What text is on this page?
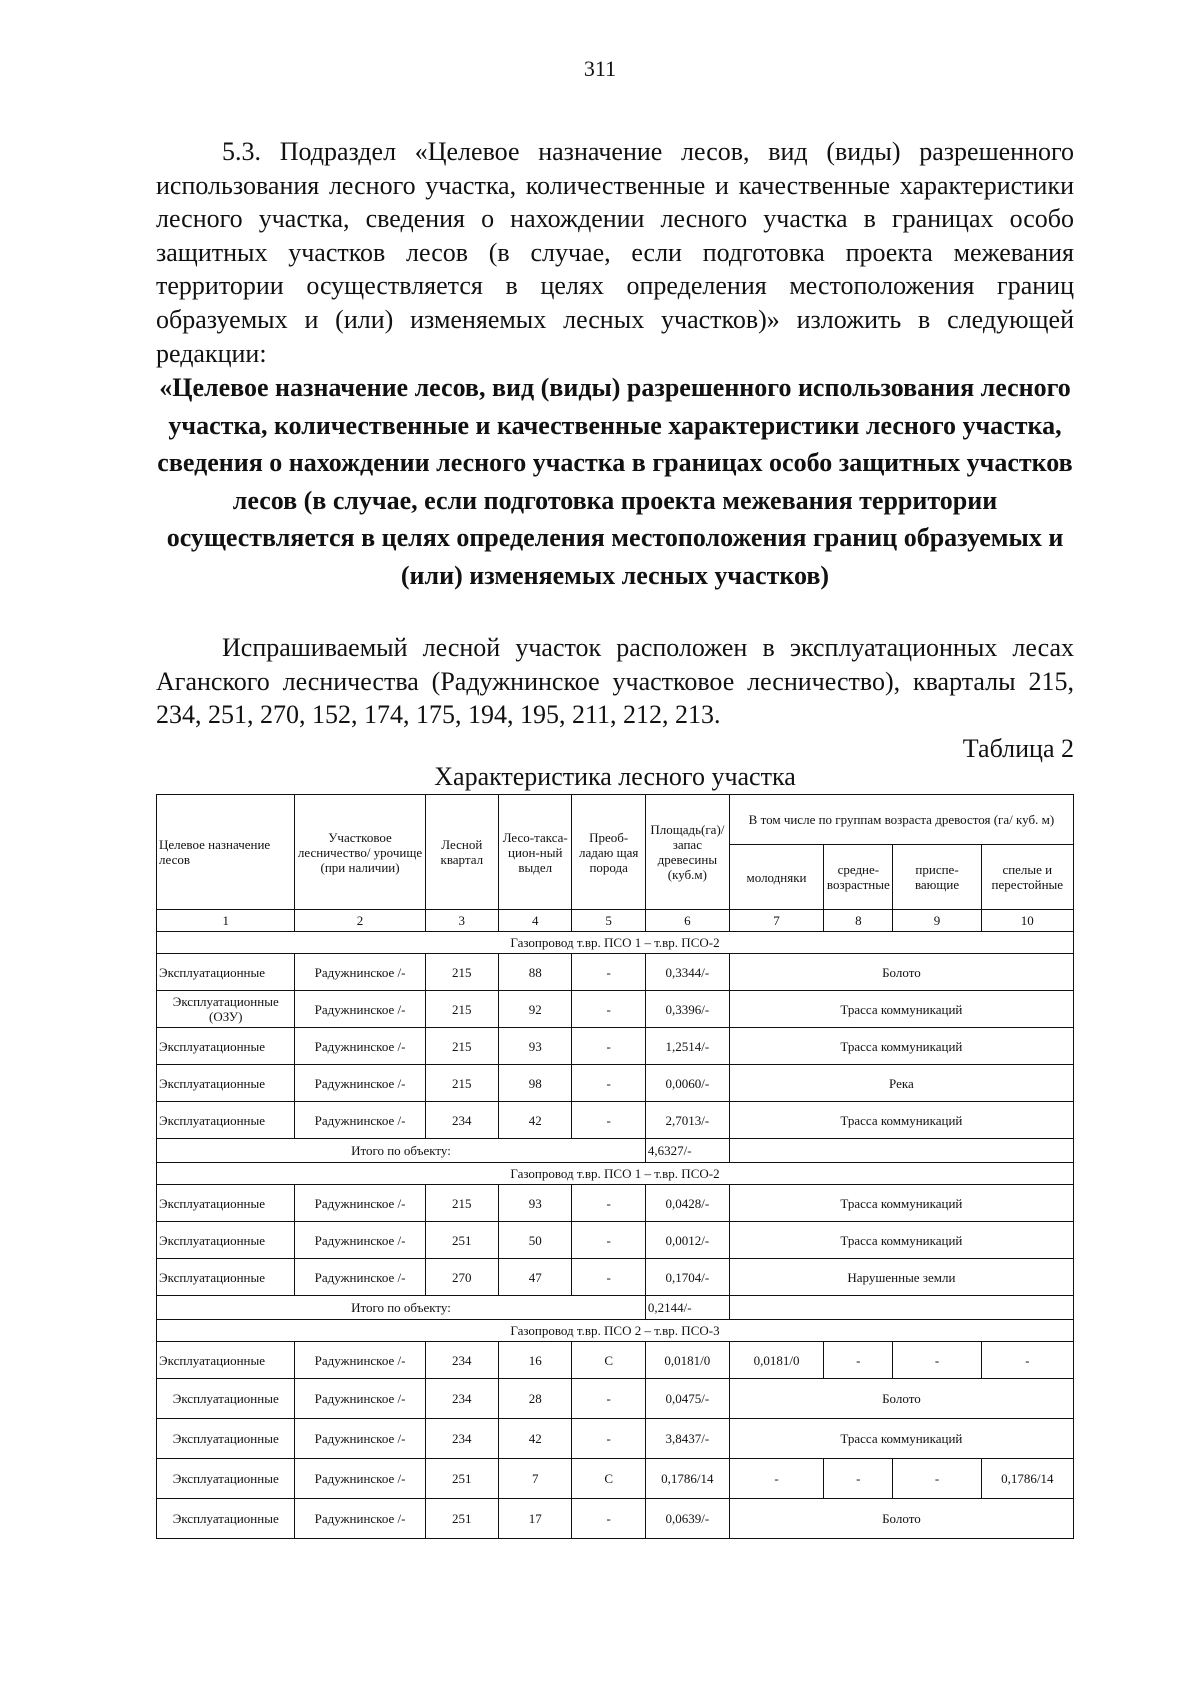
311

5.3. Подраздел «Целевое назначение лесов, вид (виды) разрешенного использования лесного участка, количественные и качественные характеристики лесного участка, сведения о нахождении лесного участка в границах особо защитных участков лесов (в случае, если подготовка проекта межевания территории осуществляется в целях определения местоположения границ образуемых и (или) изменяемых лесных участков)» изложить в следующей редакции:

«Целевое назначение лесов, вид (виды) разрешенного использования лесного участка, количественные и качественные характеристики лесного участка, сведения о нахождении лесного участка в границах особо защитных участков лесов (в случае, если подготовка проекта межевания территории осуществляется в целях определения местоположения границ образуемых и (или) изменяемых лесных участков)

Испрашиваемый лесной участок расположен в эксплуатационных лесах Аганского лесничества (Радужнинское участковое лесничество), кварталы 215, 234, 251, 270, 152, 174, 175, 194, 195, 211, 212, 213.

Таблица 2
Характеристика лесного участка
Целевое назначение лесов	Участковое лесничество/ урочище (при наличии)	Лесной квартал	Лесо-такса-цион-ный выдел	Преоб-ладаю щая порода	Площадь(га)/ запас древесины (куб.м)	В том числе по группам возраста древостоя (га/ куб. м)			
						молодняки	средне-возрастные	приспе-вающие	спелые и перестойные
1	2	3	4	5	6	7	8	9	10
Газопровод т.вр. ПСО 1 – т.вр. ПСО-2									
Эксплуатационные	Радужнинское /-	215	88	-	0,3344/-	Болото			
Эксплуатационные (ОЗУ)	Радужнинское /-	215	92	-	0,3396/-	Трасса коммуникаций			
Эксплуатационные	Радужнинское /-	215	93	-	1,2514/-	Трасса коммуникаций			
Эксплуатационные	Радужнинское /-	215	98	-	0,0060/-	Река			
Эксплуатационные	Радужнинское /-	234	42	-	2,7013/-	Трасса коммуникаций			
Итого по объекту:					4,6327/-				
Газопровод т.вр. ПСО 1 – т.вр. ПСО-2									
Эксплуатационные	Радужнинское /-	215	93	-	0,0428/-	Трасса коммуникаций			
Эксплуатационные	Радужнинское /-	251	50	-	0,0012/-	Трасса коммуникаций			
Эксплуатационные	Радужнинское /-	270	47	-	0,1704/-	Нарушенные земли			
Итого по объекту:					0,2144/-				
Газопровод т.вр. ПСО 2 – т.вр. ПСО-3									
Эксплуатационные	Радужнинское /-	234	16	С	0,0181/0	0,0181/0	-	-	-
Эксплуатационные	Радужнинское /-	234	28	-	0,0475/-	Болото			
Эксплуатационные	Радужнинское /-	234	42	-	3,8437/-	Трасса коммуникаций			
Эксплуатационные	Радужнинское /-	251	7	С	0,1786/14	-	-	-	0,1786/14
Эксплуатационные	Радужнинское /-	251	17	-	0,0639/-	Болото			
